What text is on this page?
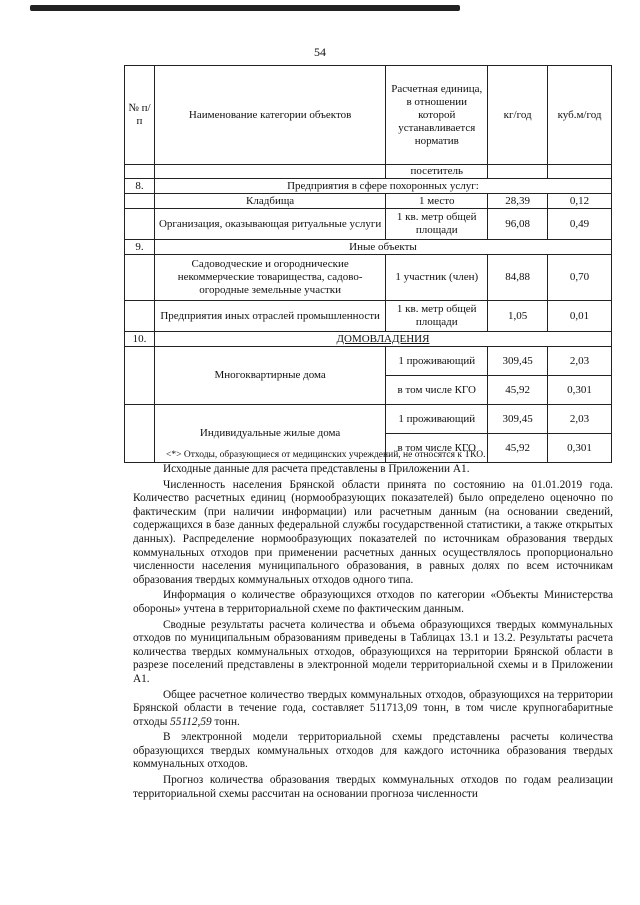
54
№ п/п	Наименование категории объектов	Расчетная единица, в отношении которой устанавливается норматив	кг/год	куб.м/год
		посетитель		
8.	Предприятия в сфере похоронных услуг:			
	Кладбища	1 место	28,39	0,12
	Организация, оказывающая ритуальные услуги	1 кв. метр общей площади	96,08	0,49
9.	Иные объекты			
	Садоводческие и огороднические некоммерческие товарищества, садово-огородные земельные участки	1 участник (член)	84,88	0,70
	Предприятия иных отраслей промышленности	1 кв. метр общей площади	1,05	0,01
10.	ДОМОВЛАДЕНИЯ			
	Многоквартирные дома	1 проживающий	309,45	2,03
		в том числе КГО	45,92	0,301
	Индивидуальные жилые дома	1 проживающий	309,45	2,03
		в том числе КГО	45,92	0,301
<*> Отходы, образующиеся от медицинских учреждений, не относятся к ТКО.

Исходные данные для расчета представлены в Приложении А1.

Численность населения Брянской области принята по состоянию на 01.01.2019 года. Количество расчетных единиц (нормообразующих показателей) было определено оценочно по фактическим (при наличии информации) или расчетным данным (на основании сведений, содержащихся в базе данных федеральной службы государственной статистики, а также открытых данных). Распределение нормообразующих показателей по источникам образования твердых коммунальных отходов при применении расчетных данных осуществлялось пропорционально численности населения муниципального образования, в равных долях по всем источникам образования твердых коммунальных отходов одного типа.

Информация о количестве образующихся отходов по категории «Объекты Министерства обороны» учтена в территориальной схеме по фактическим данным.

Сводные результаты расчета количества и объема образующихся твердых коммунальных отходов по муниципальным образованиям приведены в Таблицах 13.1 и 13.2. Результаты расчета количества твердых коммунальных отходов, образующихся на территории Брянской области в разрезе поселений представлены в электронной модели территориальной схемы и в Приложении А1.

Общее расчетное количество твердых коммунальных отходов, образующихся на территории Брянской области в течение года, составляет 511713,09 тонн, в том числе крупногабаритные отходы 55112,59 тонн.

В электронной модели территориальной схемы представлены расчеты количества образующихся твердых коммунальных отходов для каждого источника образования твердых коммунальных отходов.

Прогноз количества образования твердых коммунальных отходов по годам реализации территориальной схемы рассчитан на основании прогноза численности
